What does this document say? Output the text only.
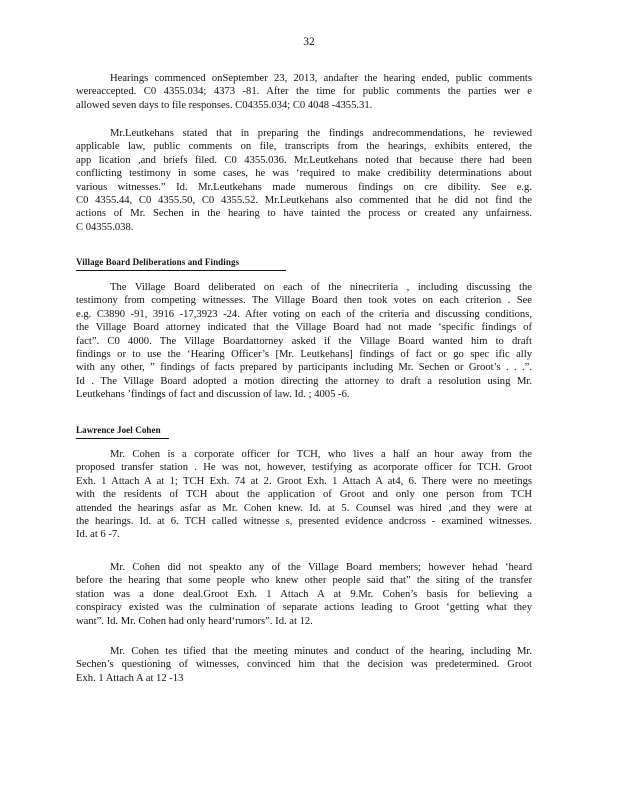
32
Hearings commenced onSeptember 23, 2013, andafter the hearing ended, public comments
wereaccepted. C0 4355.034; 4373 -81. After the time for public comments the parties wer e
allowed seven days to file responses. C04355.034; C0 4048 -4355.31.
Mr.Leutkehans stated that in preparing the findings andrecommendations, he reviewed
applicable law, public comments on file, transcripts from the hearings, exhibits entered, the
app lication ,and briefs filed. C0 4355.036. Mr.Leutkehans noted that because there had been
conflicting testimony in some cases, he was ‘required to make credibility determinations about
various witnesses.” Id. Mr.Leutkehans made numerous findings on cre dibility. See e.g.
C0 4355.44, C0 4355.50, C0 4355.52. Mr.Leutkehans also commented that he did not find the
actions of Mr. Sechen in the hearing to have tainted the process or created any unfairness.
C 04355.038.
Village Board Deliberations and Findings
The Village Board deliberated on each of the ninecriteria , including discussing the
testimony from competing witnesses. The Village Board then took votes on each criterion . See
e.g. C3890 -91, 3916 -17,3923 -24. After voting on each of the criteria and discussing conditions,
the Village Board attorney indicated that the Village Board had not made ‘specific findings of
fact”. C0 4000. The Village Boardattorney asked if the Village Board wanted him to draft
findings or to use the ‘Hearing Officer’s [Mr. Leutkehans] findings of fact or go spec ific ally
with any other, ” findings of facts prepared by participants including Mr. Sechen or Groot’s . . .”.
Id . The Village Board adopted a motion directing the attorney to draft a resolution using Mr.
Leutkehans ’findings of fact and discussion of law. Id. ; 4005 -6.
Lawrence Joel Cohen
Mr. Cohen is a corporate officer for TCH, who lives a half an hour away from the
proposed transfer station . He was not, however, testifying as acorporate officer for TCH. Groot
Exh. 1 Attach A at 1; TCH Exh. 74 at 2. Groot Exh. 1 Attach A at4, 6. There were no meetings
with the residents of TCH about the application of Groot and only one person from TCH
attended the hearings asfar as Mr. Cohen knew. Id. at 5. Counsel was hired ,and they were at
the hearings. Id. at 6. TCH called witnesse s, presented evidence andcross - examined witnesses.
Id. at 6 -7.
Mr. Cohen did not speakto any of the Village Board members; however hehad ‘heard
before the hearing that some people who knew other people said that” the siting of the transfer
station was a done deal.Groot Exh. 1 Attach A at 9.Mr. Cohen’s basis for believing a
conspiracy existed was the culmination of separate actions leading to Groot ‘getting what they
want”. Id. Mr. Cohen had only heard‘rumors”. Id. at 12.
Mr. Cohen tes tified that the meeting minutes and conduct of the hearing, including Mr.
Sechen’s questioning of witnesses, convinced him that the decision was predetermined. Groot
Exh. 1 Attach A at 12 -13
